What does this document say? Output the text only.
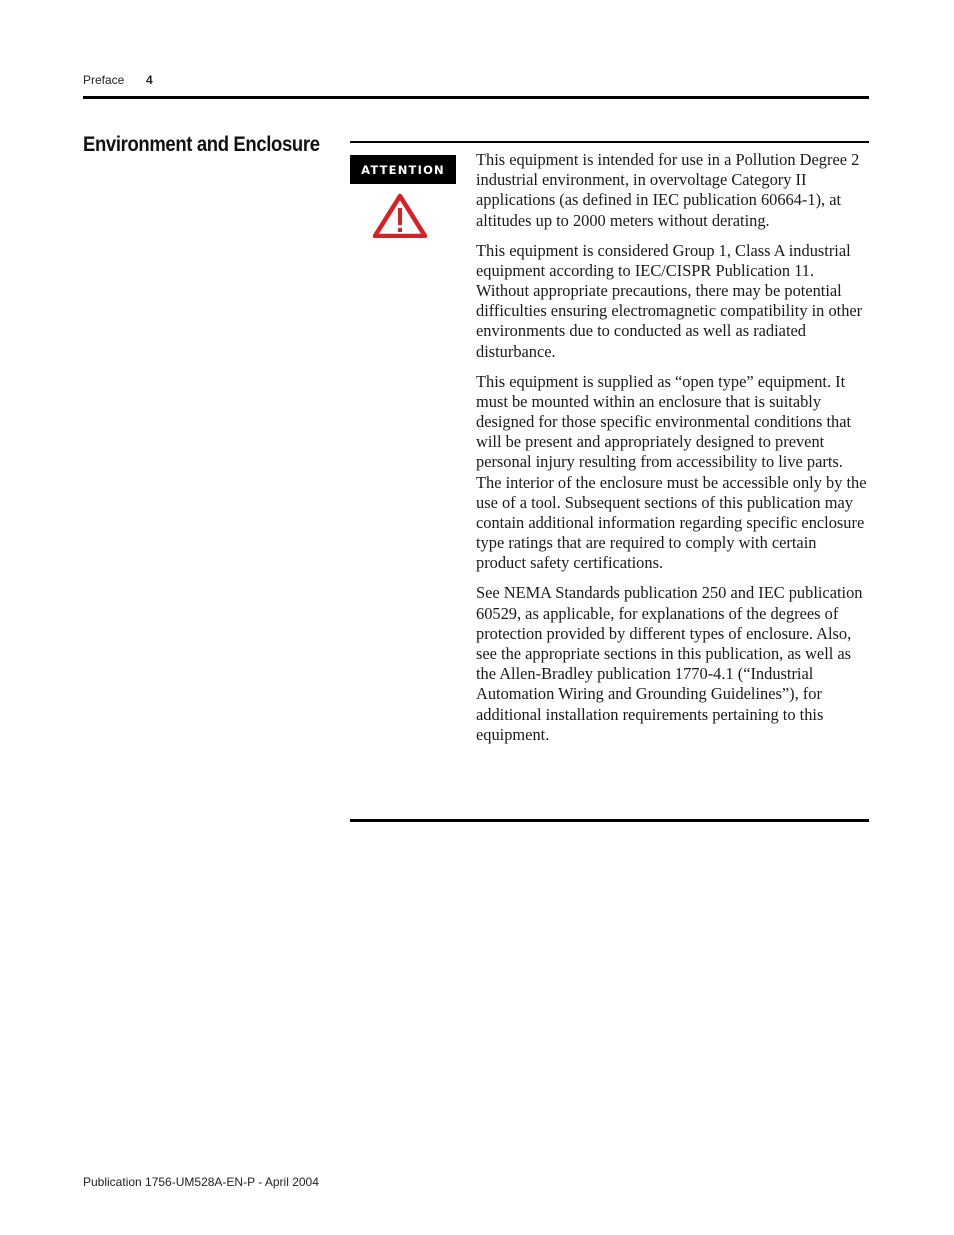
Preface 4
Environment and Enclosure
ATTENTION

This equipment is intended for use in a Pollution Degree 2 industrial environment, in overvoltage Category II applications (as defined in IEC publication 60664-1), at altitudes up to 2000 meters without derating.

This equipment is considered Group 1, Class A industrial equipment according to IEC/CISPR Publication 11. Without appropriate precautions, there may be potential difficulties ensuring electromagnetic compatibility in other environments due to conducted as well as radiated disturbance.

This equipment is supplied as “open type” equipment. It must be mounted within an enclosure that is suitably designed for those specific environmental conditions that will be present and appropriately designed to prevent personal injury resulting from accessibility to live parts. The interior of the enclosure must be accessible only by the use of a tool. Subsequent sections of this publication may contain additional information regarding specific enclosure type ratings that are required to comply with certain product safety certifications.

See NEMA Standards publication 250 and IEC publication 60529, as applicable, for explanations of the degrees of protection provided by different types of enclosure. Also, see the appropriate sections in this publication, as well as the Allen-Bradley publication 1770-4.1 (“Industrial Automation Wiring and Grounding Guidelines”), for additional installation requirements pertaining to this equipment.

Publication 1756-UM528A-EN-P - April 2004
